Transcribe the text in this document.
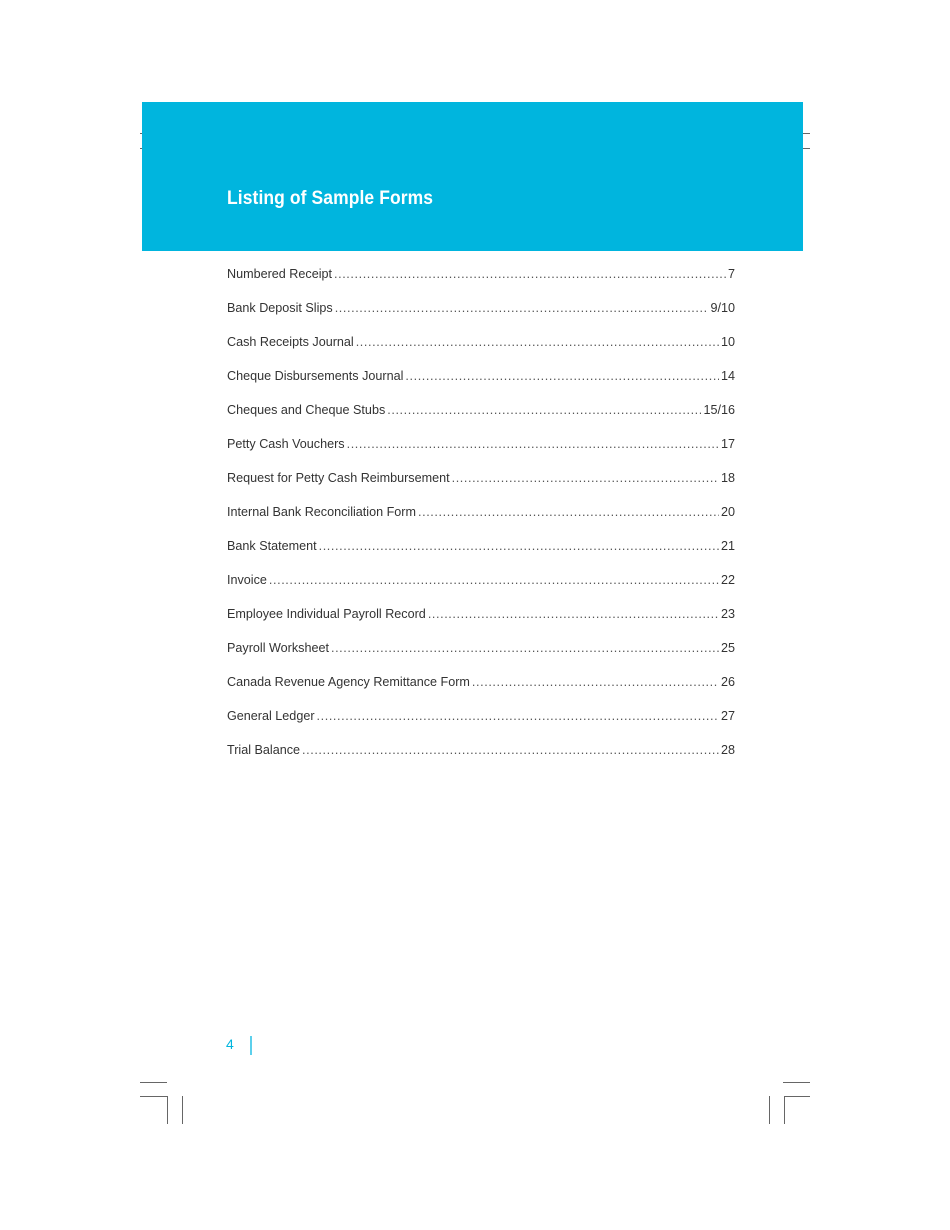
Listing of Sample Forms
Numbered Receipt .....	7
Bank Deposit Slips .....	9/10
Cash Receipts Journal .....	10
Cheque Disbursements Journal .....	14
Cheques and Cheque Stubs .....	15/16
Petty Cash Vouchers .....	17
Request for Petty Cash Reimbursement .....	18
Internal Bank Reconciliation Form .....	20
Bank Statement .....	21
Invoice .....	22
Employee Individual Payroll Record .....	23
Payroll Worksheet .....	25
Canada Revenue Agency Remittance Form .....	26
General Ledger .....	27
Trial Balance .....	28
4
